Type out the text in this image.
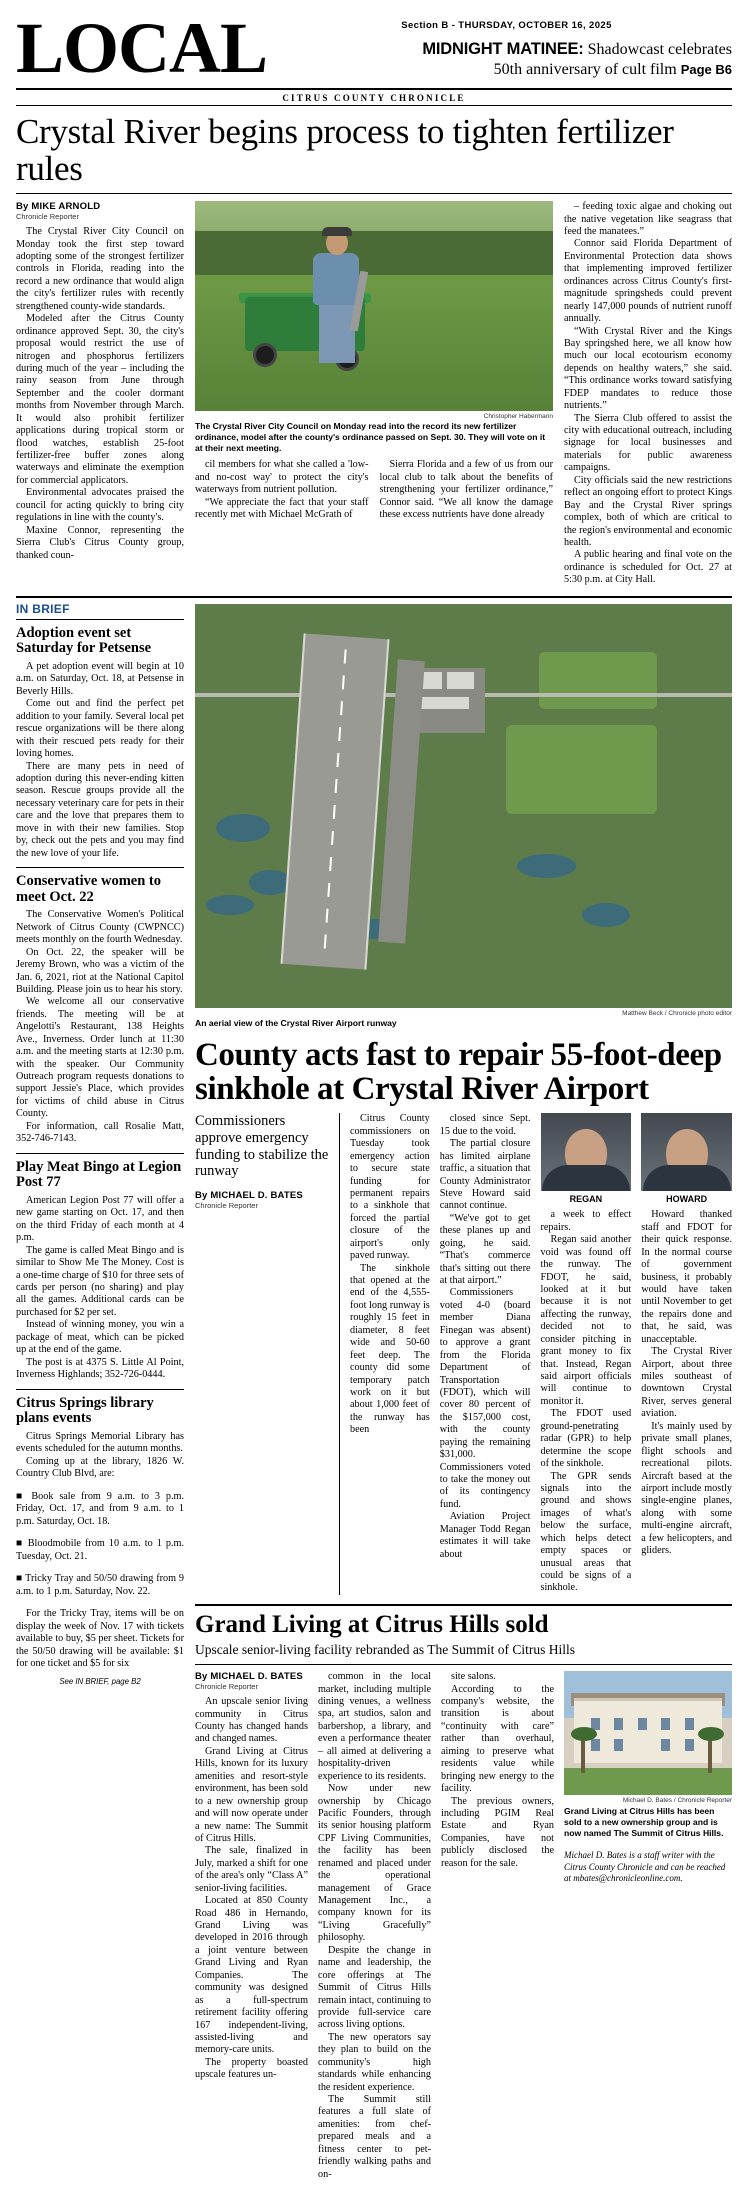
LOCAL	Section B - THURSDAY, OCTOBER 16, 2025
MIDNIGHT MATINEE: Shadowcast celebrates
50th anniversary of cult film Page B6
CITRUS COUNTY CHRONICLE
Crystal River begins process to tighten fertilizer rules
By MIKE ARNOLD
Chronicle Reporter

The Crystal River City Council on Monday took the first step toward adopting some of the strongest fertilizer controls in Florida, reading into the record a new ordinance that would align the city's fertilizer rules with recently strengthened county-wide standards.

Modeled after the Citrus County ordinance approved Sept. 30, the city's proposal would restrict the use of nitrogen and phosphorus fertilizers during much of the year – including the rainy season from June through September and the cooler dormant months from November through March. It would also prohibit fertilizer applications during tropical storm or flood watches, establish 25-foot fertilizer-free buffer zones along waterways and eliminate the exemption for commercial applicators.

Environmental advocates praised the council for acting quickly to bring city regulations in line with the county's.

Maxine Connor, representing the Sierra Club's Citrus County group, thanked coun-

Christopher Habermann
The Crystal River City Council on Monday read into the record its new fertilizer ordinance, model after the county's ordinance passed on Sept. 30. They will vote on it at their next meeting.

cil members for what she called a 'low- and no-cost way' to protect the city's waterways from nutrient pollution.

“We appreciate the fact that your staff recently met with Michael McGrath of

Sierra Florida and a few of us from our local club to talk about the benefits of strengthening your fertilizer ordinance,” Connor said. “We all know the damage these excess nutrients have done already

– feeding toxic algae and choking out the native vegetation like seagrass that feed the manatees.”

Connor said Florida Department of Environmental Protection data shows that implementing improved fertilizer ordinances across Citrus County's first-magnitude springsheds could prevent nearly 147,000 pounds of nutrient runoff annually.

“With Crystal River and the Kings Bay springshed here, we all know how much our local ecotourism economy depends on healthy waters,” she said. “This ordinance works toward satisfying FDEP mandates to reduce those nutrients.”

The Sierra Club offered to assist the city with educational outreach, including signage for local businesses and materials for public awareness campaigns.

City officials said the new restrictions reflect an ongoing effort to protect Kings Bay and the Crystal River springs complex, both of which are critical to the region's environmental and economic health.

A public hearing and final vote on the ordinance is scheduled for Oct. 27 at 5:30 p.m. at City Hall.

IN BRIEF
Adoption event set Saturday for Petsense

A pet adoption event will begin at 10 a.m. on Saturday, Oct. 18, at Petsense in Beverly Hills.

Come out and find the perfect pet addition to your family. Several local pet rescue organizations will be there along with their rescued pets ready for their loving homes.

There are many pets in need of adoption during this never-ending kitten season. Rescue groups provide all the necessary veterinary care for pets in their care and the love that prepares them to move in with their new families. Stop by, check out the pets and you may find the new love of your life.

Conservative women to meet Oct. 22

The Conservative Women's Political Network of Citrus County (CWPNCC) meets monthly on the fourth Wednesday.

On Oct. 22, the speaker will be Jeremy Brown, who was a victim of the Jan. 6, 2021, riot at the National Capitol Building. Please join us to hear his story.

We welcome all our conservative friends. The meeting will be at Angelotti's Restaurant, 138 Heights Ave., Inverness. Order lunch at 11:30 a.m. and the meeting starts at 12:30 p.m. with the speaker. Our Community Outreach program requests donations to support Jessie's Place, which provides for victims of child abuse in Citrus County.

For information, call Rosalie Matt, 352-746-7143.

Play Meat Bingo at Legion Post 77

American Legion Post 77 will offer a new game starting on Oct. 17, and then on the third Friday of each month at 4 p.m.

The game is called Meat Bingo and is similar to Show Me The Money. Cost is a one-time charge of $10 for three sets of cards per person (no sharing) and play all the games. Additional cards can be purchased for $2 per set.

Instead of winning money, you win a package of meat, which can be picked up at the end of the game.

The post is at 4375 S. Little Al Point, Inverness Highlands; 352-726-0444.

Citrus Springs library plans events

Citrus Springs Memorial Library has events scheduled for the autumn months.

Coming up at the library, 1826 W. Country Club Blvd, are:

■ Book sale from 9 a.m. to 3 p.m. Friday, Oct. 17, and from 9 a.m. to 1 p.m. Saturday, Oct. 18.

■ Bloodmobile from 10 a.m. to 1 p.m. Tuesday, Oct. 21.

■ Tricky Tray and 50/50 drawing from 9 a.m. to 1 p.m. Saturday, Nov. 22.

For the Tricky Tray, items will be on display the week of Nov. 17 with tickets available to buy, $5 per sheet. Tickets for the 50/50 drawing will be available: $1 for one ticket and $5 for six

See IN BRIEF, page B2
Matthew Beck / Chronicle photo editor
An aerial view of the Crystal River Airport runway
County acts fast to repair 55-foot-deep sinkhole at Crystal River Airport
Commissioners approve emergency funding to stabilize the runway
By MICHAEL D. BATES
Chronicle Reporter

Citrus County commissioners on Tuesday took emergency action to secure state funding for permanent repairs to a sinkhole that forced the partial closure of the airport's only paved runway.

The sinkhole that opened at the end of the 4,555-foot long runway is roughly 15 feet in diameter, 8 feet wide and 50-60 feet deep. The county did some temporary patch work on it but about 1,000 feet of the runway has been

closed since Sept. 15 due to the void.

The partial closure has limited airplane traffic, a situation that County Administrator Steve Howard said cannot continue.

“We've got to get these planes up and going, he said. “That's commerce that's sitting out there at that airport.”

Commissioners voted 4-0 (board member Diana Finegan was absent) to approve a grant from the Florida Department of Transportation (FDOT), which will cover 80 percent of the $157,000 cost, with the county paying the remaining $31,000. Commissioners voted to take the money out of its contingency fund.

Aviation Project Manager Todd Regan estimates it will take about

REGAN

a week to effect repairs.

Regan said another void was found off the runway. The FDOT, he said, looked at it but because it is not affecting the runway, decided not to consider pitching in grant money to fix that. Instead, Regan said airport officials will continue to monitor it.

The FDOT used ground-penetrating radar (GPR) to help determine the scope of the sinkhole.

The GPR sends signals into the ground and shows images of what's below the surface, which helps detect empty spaces or unusual areas that could be signs of a sinkhole.

HOWARD

Howard thanked staff and FDOT for their quick response. In the normal course of government business, it probably would have taken until November to get the repairs done and that, he said, was unacceptable.

The Crystal River Airport, about three miles southeast of downtown Crystal River, serves general aviation.

It's mainly used by private small planes, flight schools and recreational pilots. Aircraft based at the airport include mostly single-engine planes, along with some multi-engine aircraft, a few helicopters, and gliders.

Grand Living at Citrus Hills sold
Upscale senior-living facility rebranded as The Summit of Citrus Hills
By MICHAEL D. BATES
Chronicle Reporter

An upscale senior living community in Citrus County has changed hands and changed names.

Grand Living at Citrus Hills, known for its luxury amenities and resort-style environment, has been sold to a new ownership group and will now operate under a new name: The Summit of Citrus Hills.

The sale, finalized in July, marked a shift for one of the area's only “Class A” senior-living facilities.

Located at 850 County Road 486 in Hernando, Grand Living was developed in 2016 through a joint venture between Grand Living and Ryan Companies. The community was designed as a full-spectrum retirement facility offering 167 independent-living, assisted-living and memory-care units.

The property boasted upscale features un-

common in the local market, including multiple dining venues, a wellness spa, art studios, salon and barbershop, a library, and even a performance theater – all aimed at delivering a hospitality-driven experience to its residents.

Now under new ownership by Chicago Pacific Founders, through its senior housing platform CPF Living Communities, the facility has been renamed and placed under the operational management of Grace Management Inc., a company known for its “Living Gracefully” philosophy.

Despite the change in name and leadership, the core offerings at The Summit of Citrus Hills remain intact, continuing to provide full-service care across living options.

The new operators say they plan to build on the community's high standards while enhancing the resident experience.

The Summit still features a full slate of amenities: from chef-prepared meals and a fitness center to pet-friendly walking paths and on-

site salons.

According to the company's website, the transition is about “continuity with care” rather than overhaul, aiming to preserve what residents value while bringing new energy to the facility.

The previous owners, including PGIM Real Estate and Ryan Companies, have not publicly disclosed the reason for the sale.

Michael D. Bates / Chronicle Reporter
Grand Living at Citrus Hills has been sold to a new ownership group and is now named The Summit of Citrus Hills.
Michael D. Bates is a staff writer with the Citrus County Chronicle and can be reached at mbates@chronicleonline.com.
